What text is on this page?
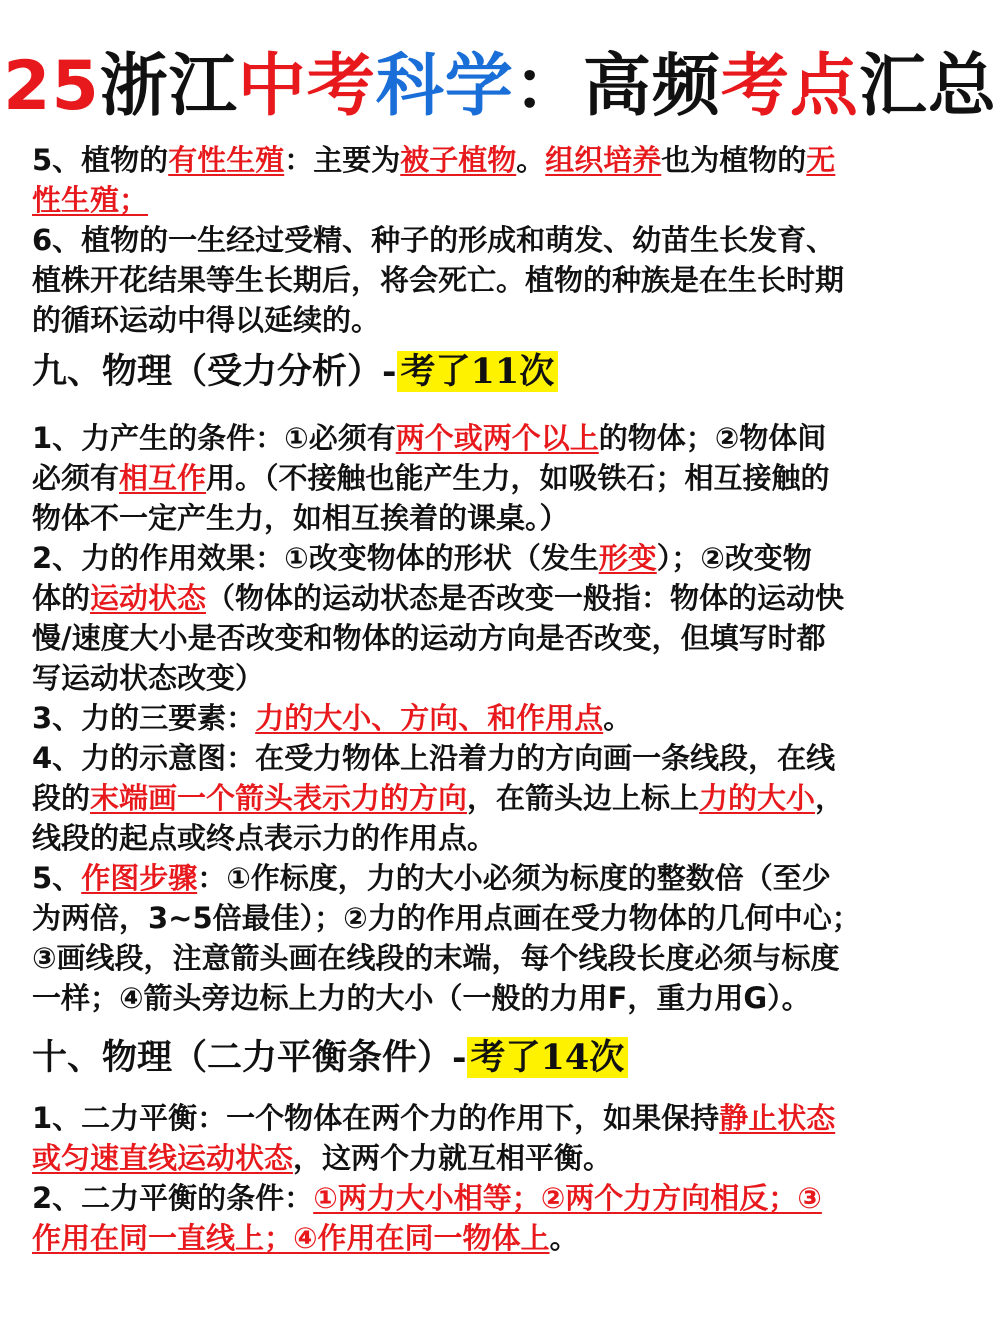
25浙江中考科学：高频考点汇总
5、植物的有性生殖：主要为被子植物。组织培养也为植物的无
性生殖；
6、植物的一生经过受精、种子的形成和萌发、幼苗生长发育、
植株开花结果等生长期后，将会死亡。植物的种族是在生长时期
的循环运动中得以延续的。
九、物理（受力分析）- 考了11次
1、力产生的条件：①必须有两个或两个以上的物体；②物体间
必须有相互作用。（不接触也能产生力，如吸铁石；相互接触的
物体不一定产生力，如相互挨着的课桌。）
2、力的作用效果：①改变物体的形状（发生形变）；②改变物
体的运动状态（物体的运动状态是否改变一般指：物体的运动快
慢/速度大小是否改变和物体的运动方向是否改变，但填写时都
写运动状态改变）
3、力的三要素：力的大小、方向、和作用点。
4、力的示意图：在受力物体上沿着力的方向画一条线段，在线
段的末端画一个箭头表示力的方向，在箭头边上标上力的大小，
线段的起点或终点表示力的作用点。
5、作图步骤：①作标度，力的大小必须为标度的整数倍（至少
为两倍，3~5倍最佳）；②力的作用点画在受力物体的几何中心；
③画线段，注意箭头画在线段的末端，每个线段长度必须与标度
一样；④箭头旁边标上力的大小（一般的力用F，重力用G）。
十、物理（二力平衡条件）- 考了14次
1、二力平衡：一个物体在两个力的作用下，如果保持静止状态
或匀速直线运动状态，这两个力就互相平衡。
2、二力平衡的条件：①两力大小相等；②两个力方向相反；③
作用在同一直线上；④作用在同一物体上。
